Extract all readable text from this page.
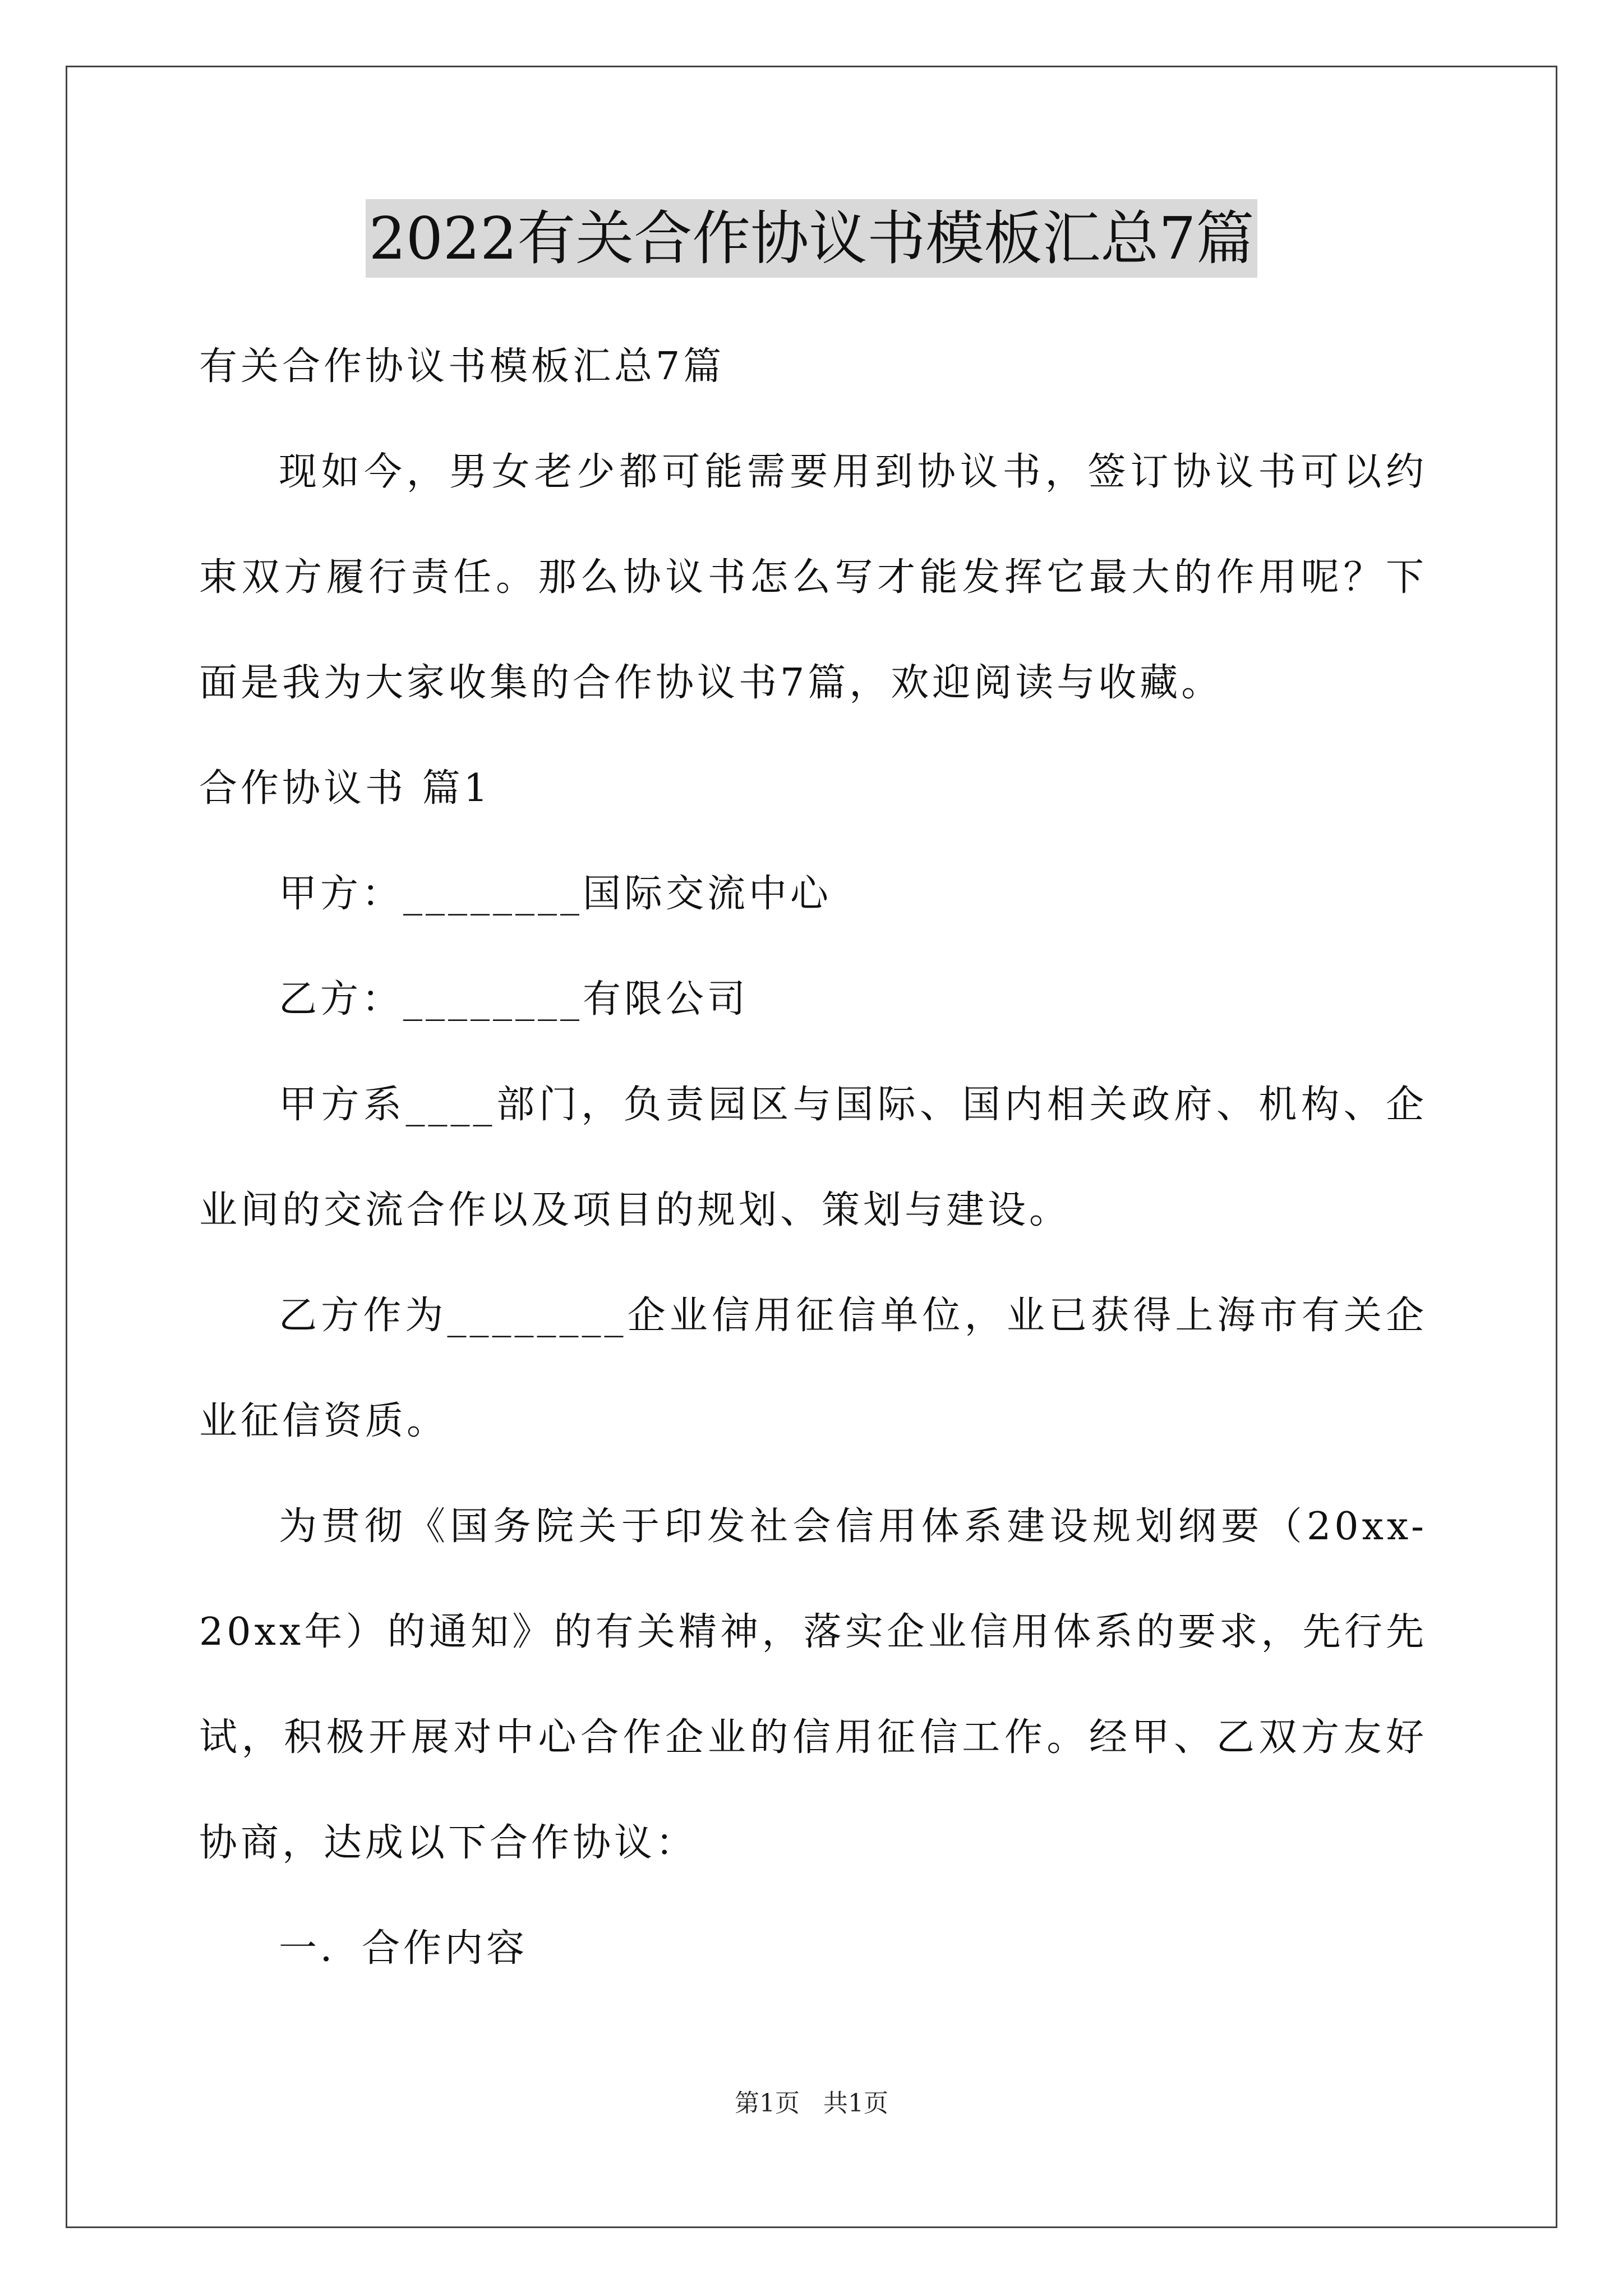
2022有关合作协议书模板汇总7篇

有关合作协议书模板汇总7篇

现如今，男女老少都可能需要用到协议书，签订协议书可以约束双方履行责任。那么协议书怎么写才能发挥它最大的作用呢？下面是我为大家收集的合作协议书7篇，欢迎阅读与收藏。

合作协议书 篇1

甲方：________国际交流中心

乙方：________有限公司

甲方系____部门，负责园区与国际、国内相关政府、机构、企业间的交流合作以及项目的规划、策划与建设。

乙方作为________企业信用征信单位，业已获得上海市有关企业征信资质。

为贯彻《国务院关于印发社会信用体系建设规划纲要（20xx-20xx年）的通知》的有关精神，落实企业信用体系的要求，先行先试，积极开展对中心合作企业的信用征信工作。经甲、乙双方友好协商，达成以下合作协议：

一．合作内容

第1页 共1页
